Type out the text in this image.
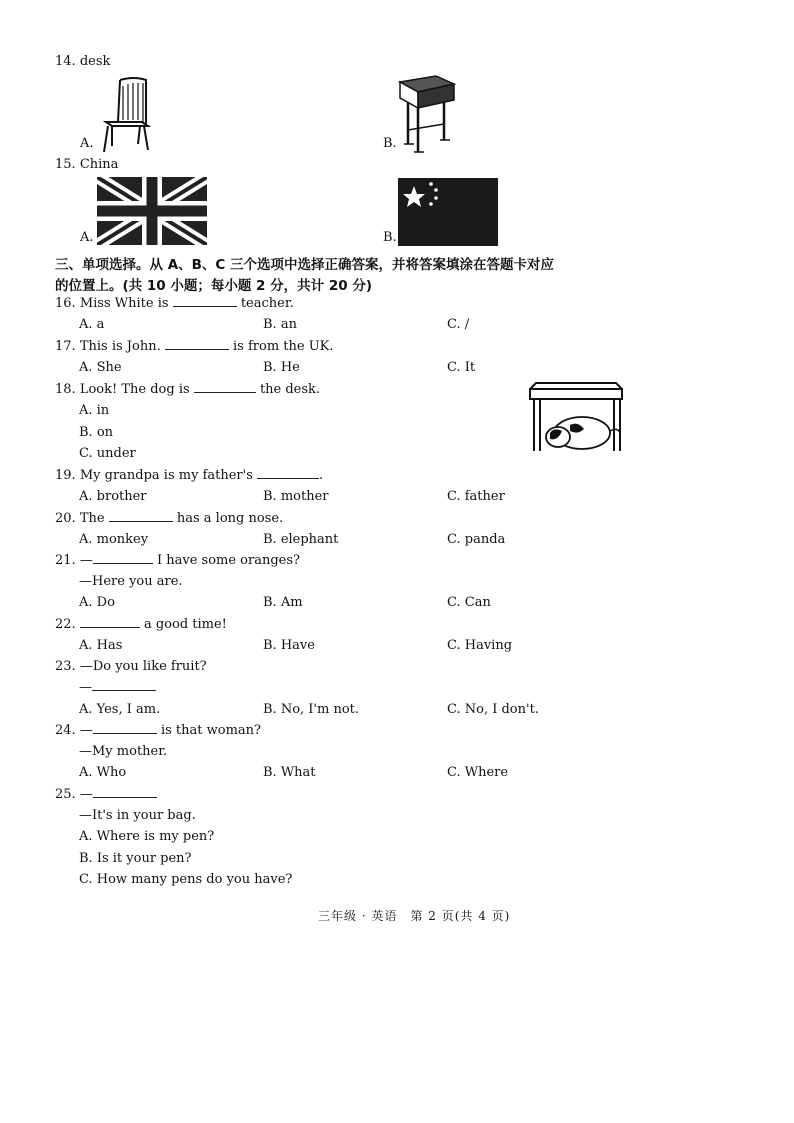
14. desk
A.	B.
15. China
A.	B.
三、单项选择。从 A、B、C 三个选项中选择正确答案，并将答案填涂在答题卡对应
的位置上。(共 10 小题；每小题 2 分，共计 20 分)
16. Miss White is	teacher.
A. a	B. an	C. /
17. This is John.	is from the UK.
A. She	B. He	C. It
18. Look! The dog is	the desk.
A. in
B. on
C. under
19. My grandpa is my father's	.
A. brother	B. mother	C. father
20. The	has a long nose.
A. monkey	B. elephant	C. panda
21. —	I have some oranges?
—Here you are.
A. Do	B. Am	C. Can
22.	a good time!
A. Has	B. Have	C. Having
23. —Do you like fruit?
—
A. Yes, I am.	B. No, I'm not.	C. No, I don't.
24. —	is that woman?
—My mother.
A. Who	B. What	C. Where
25. —
—It's in your bag.
A. Where is my pen?
B. Is it your pen?
C. How many pens do you have?
三年级 · 英语　第 2 页(共 4 页)
